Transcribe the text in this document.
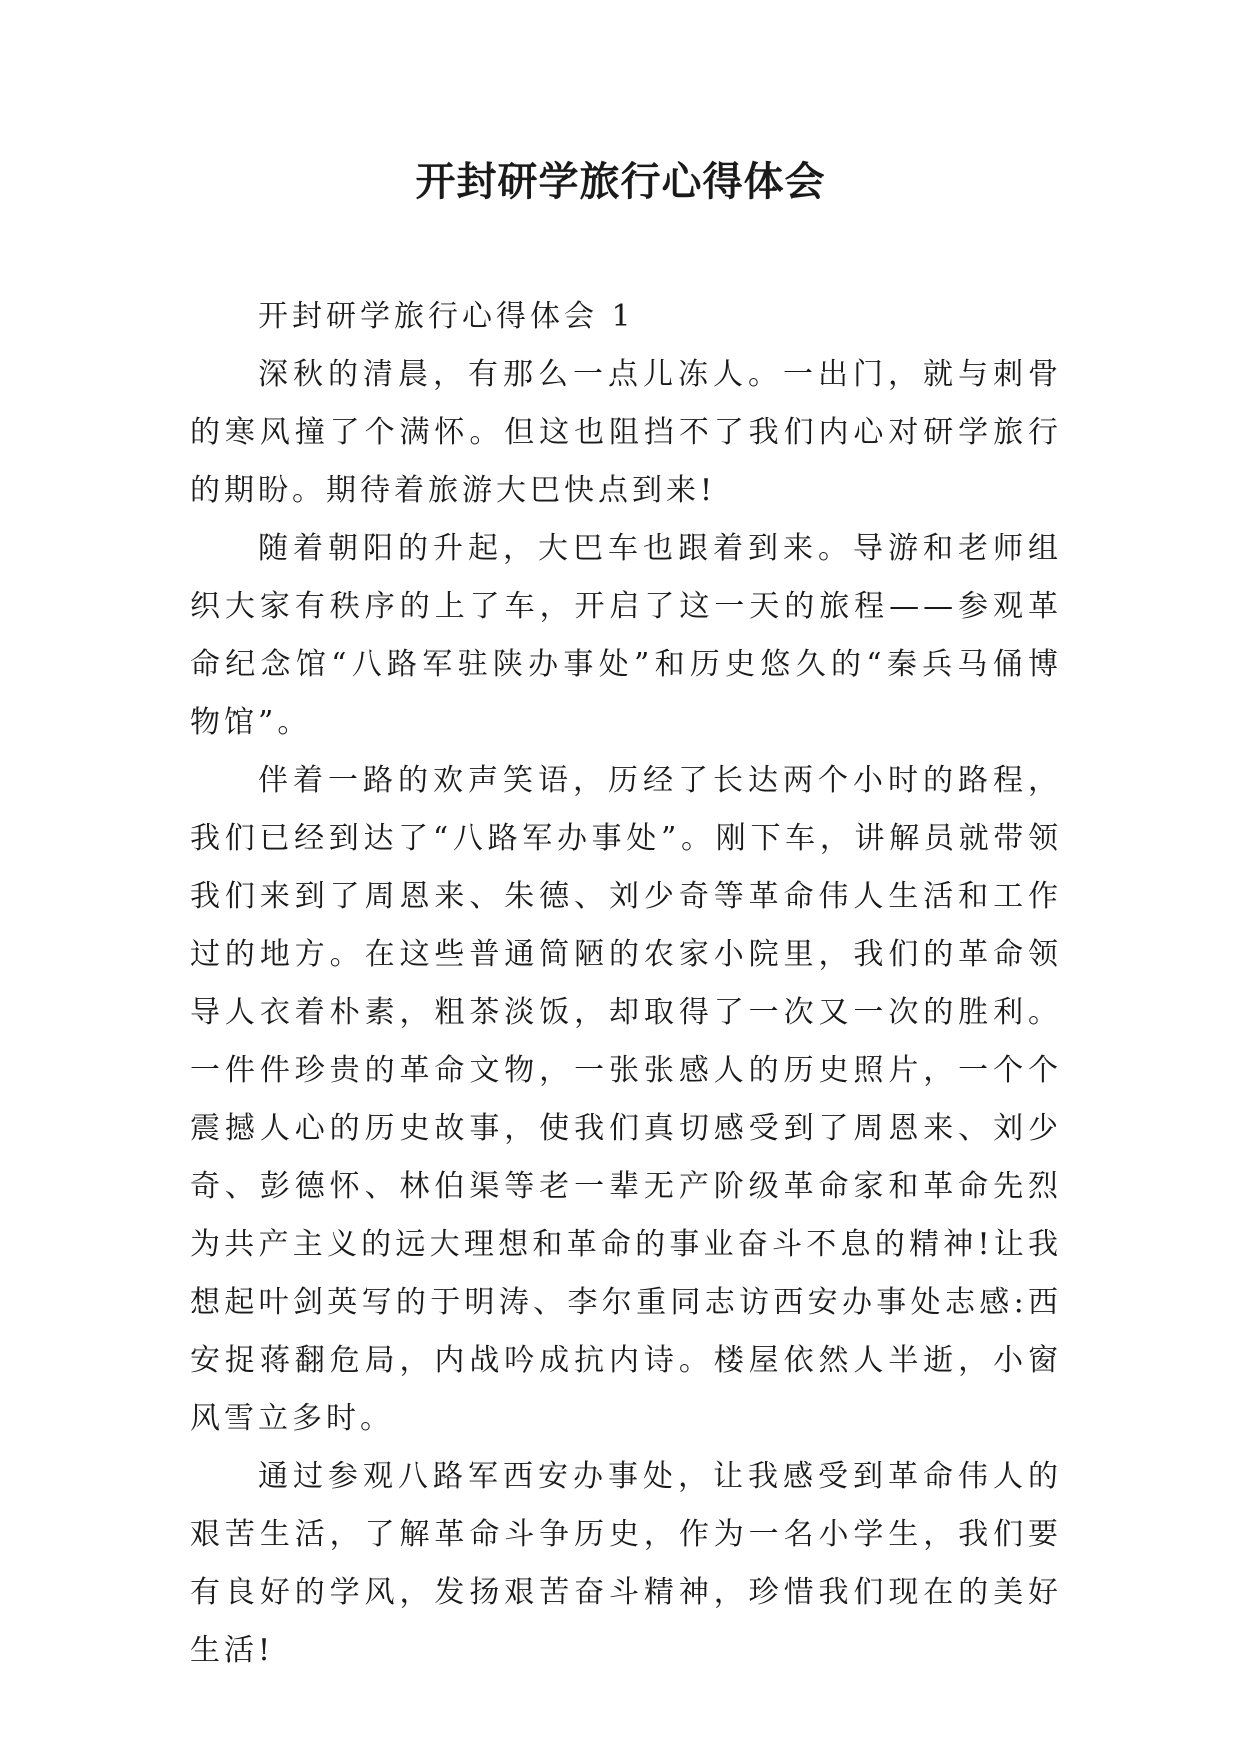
开封研学旅行心得体会

开封研学旅行心得体会 1

深秋的清晨，有那么一点儿冻人。一出门，就与刺骨的寒风撞了个满怀。但这也阻挡不了我们内心对研学旅行的期盼。期待着旅游大巴快点到来!

随着朝阳的升起，大巴车也跟着到来。导游和老师组织大家有秩序的上了车，开启了这一天的旅程——参观革命纪念馆“八路军驻陕办事处”和历史悠久的“秦兵马俑博物馆”。

伴着一路的欢声笑语，历经了长达两个小时的路程，我们已经到达了“八路军办事处”。刚下车，讲解员就带领我们来到了周恩来、朱德、刘少奇等革命伟人生活和工作过的地方。在这些普通简陋的农家小院里，我们的革命领导人衣着朴素，粗茶淡饭，却取得了一次又一次的胜利。一件件珍贵的革命文物，一张张感人的历史照片，一个个震撼人心的历史故事，使我们真切感受到了周恩来、刘少奇、彭德怀、林伯渠等老一辈无产阶级革命家和革命先烈为共产主义的远大理想和革命的事业奋斗不息的精神!让我想起叶剑英写的于明涛、李尔重同志访西安办事处志感:西安捉蒋翻危局，内战吟成抗内诗。楼屋依然人半逝，小窗风雪立多时。

通过参观八路军西安办事处，让我感受到革命伟人的艰苦生活，了解革命斗争历史，作为一名小学生，我们要有良好的学风，发扬艰苦奋斗精神，珍惜我们现在的美好生活!
